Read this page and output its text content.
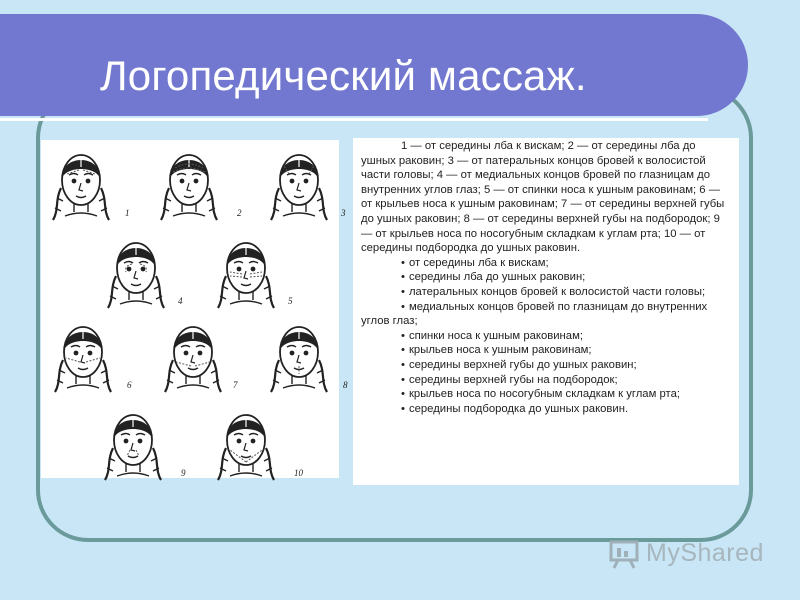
Логопедический массаж.
1	2	3
4	5
6	7	8
9	10

1 — от середины лба к вискам; 2 — от середины лба до ушных раковин; 3 — от патеральных концов бровей к волосистой части головы; 4 — от медиальных концов бровей по глазницам до внутренних углов глаз; 5 — от спинки носа к ушным раковинам; 6 — от крыльев носа к ушным раковинам; 7 — от середины верхней губы до ушных раковин; 8 — от середины верхней губы на подбородок; 9 — от крыльев носа по носогубным складкам к углам рта; 10 — от середины подбородка до ушных раковин.

• от середины лба к вискам;
• середины лба до ушных раковин;
• латеральных концов бровей к волосистой части головы;
• медиальных концов бровей по глазницам до внутренних углов глаз;
• спинки носа к ушным раковинам;
• крыльев носа к ушным раковинам;
• середины верхней губы до ушных раковин;
• середины верхней губы на подбородок;
• крыльев носа по носогубным складкам к углам рта;
• середины подбородка до ушных раковин.
MyShared
